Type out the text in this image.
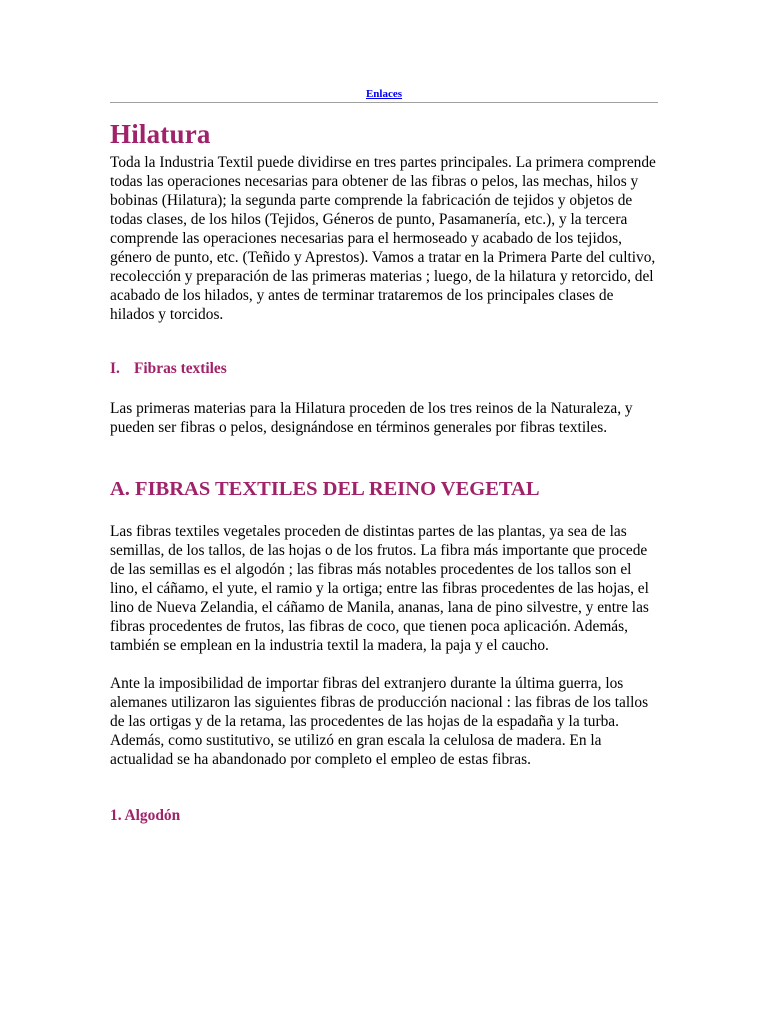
Enlaces
Hilatura

Toda la Industria Textil puede dividirse en tres partes principales. La primera comprende todas las operaciones necesarias para obtener de las fibras o pelos, las mechas, hilos y bobinas (Hilatura); la segunda parte comprende la fabricación de tejidos y objetos de todas clases, de los hilos (Tejidos, Géneros de punto, Pasamanería, etc.), y la tercera comprende las operaciones necesarias para el hermoseado y acabado de los tejidos, género de punto, etc. (Teñido y Aprestos). Vamos a tratar en la Primera Parte del cultivo, recolección y preparación de las primeras materias ; luego, de la hilatura y retorcido, del acabado de los hilados, y antes de terminar trataremos de los principales clases de hilados y torcidos.

I. Fibras textiles

Las primeras materias para la Hilatura proceden de los tres reinos de la Naturaleza, y pueden ser fibras o pelos, designándose en términos generales por fibras textiles.

A. FIBRAS TEXTILES DEL REINO VEGETAL

Las fibras textiles vegetales proceden de distintas partes de las plantas, ya sea de las semillas, de los tallos, de las hojas o de los frutos. La fibra más importante que procede de las semillas es el algodón ; las fibras más notables procedentes de los tallos son el lino, el cáñamo, el yute, el ramio y la ortiga; entre las fibras procedentes de las hojas, el lino de Nueva Zelandia, el cáñamo de Manila, ananas, lana de pino silvestre, y entre las fibras procedentes de frutos, las fibras de coco, que tienen poca aplicación. Además, también se emplean en la industria textil la madera, la paja y el caucho.

Ante la imposibilidad de importar fibras del extranjero durante la última guerra, los alemanes utilizaron las siguientes fibras de producción nacional : las fibras de los tallos de las ortigas y de la retama, las procedentes de las hojas de la espadaña y la turba. Además, como sustitutivo, se utilizó en gran escala la celulosa de madera. En la actualidad se ha abandonado por completo el empleo de estas fibras.

1. Algodón
